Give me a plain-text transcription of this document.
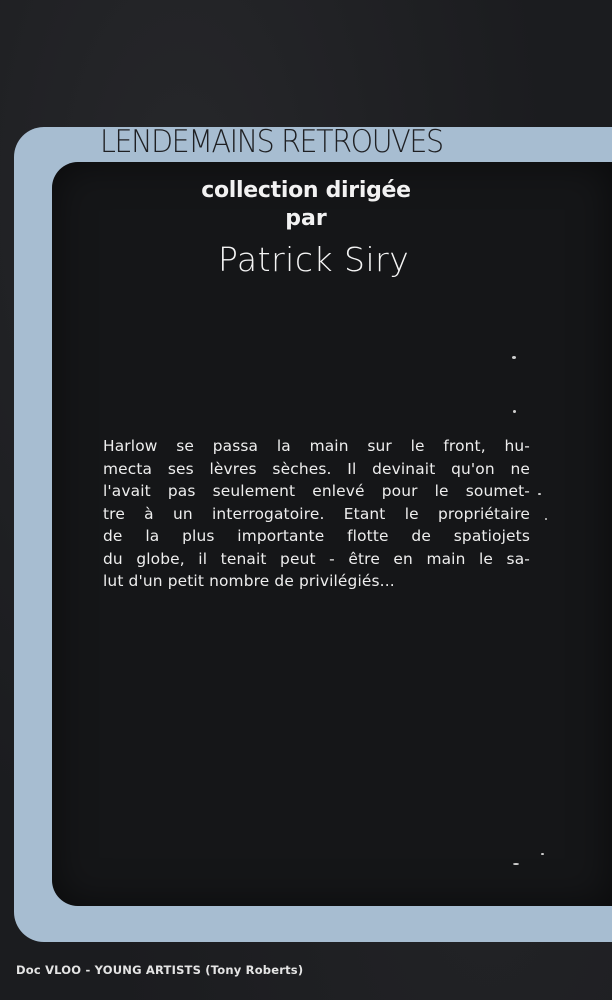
LENDEMAINS RETROUVES
collection dirigée
par
Patrick Siry

Harlow se passa la main sur le front, hu-
mecta ses lèvres sèches. Il devinait qu'on ne
l'avait pas seulement enlevé pour le soumet-
tre à un interrogatoire. Etant le propriétaire
de la plus importante flotte de spatiojets
du globe, il tenait peut - être en main le sa-
lut d'un petit nombre de privilégiés...

Doc VLOO - YOUNG ARTISTS (Tony Roberts)
